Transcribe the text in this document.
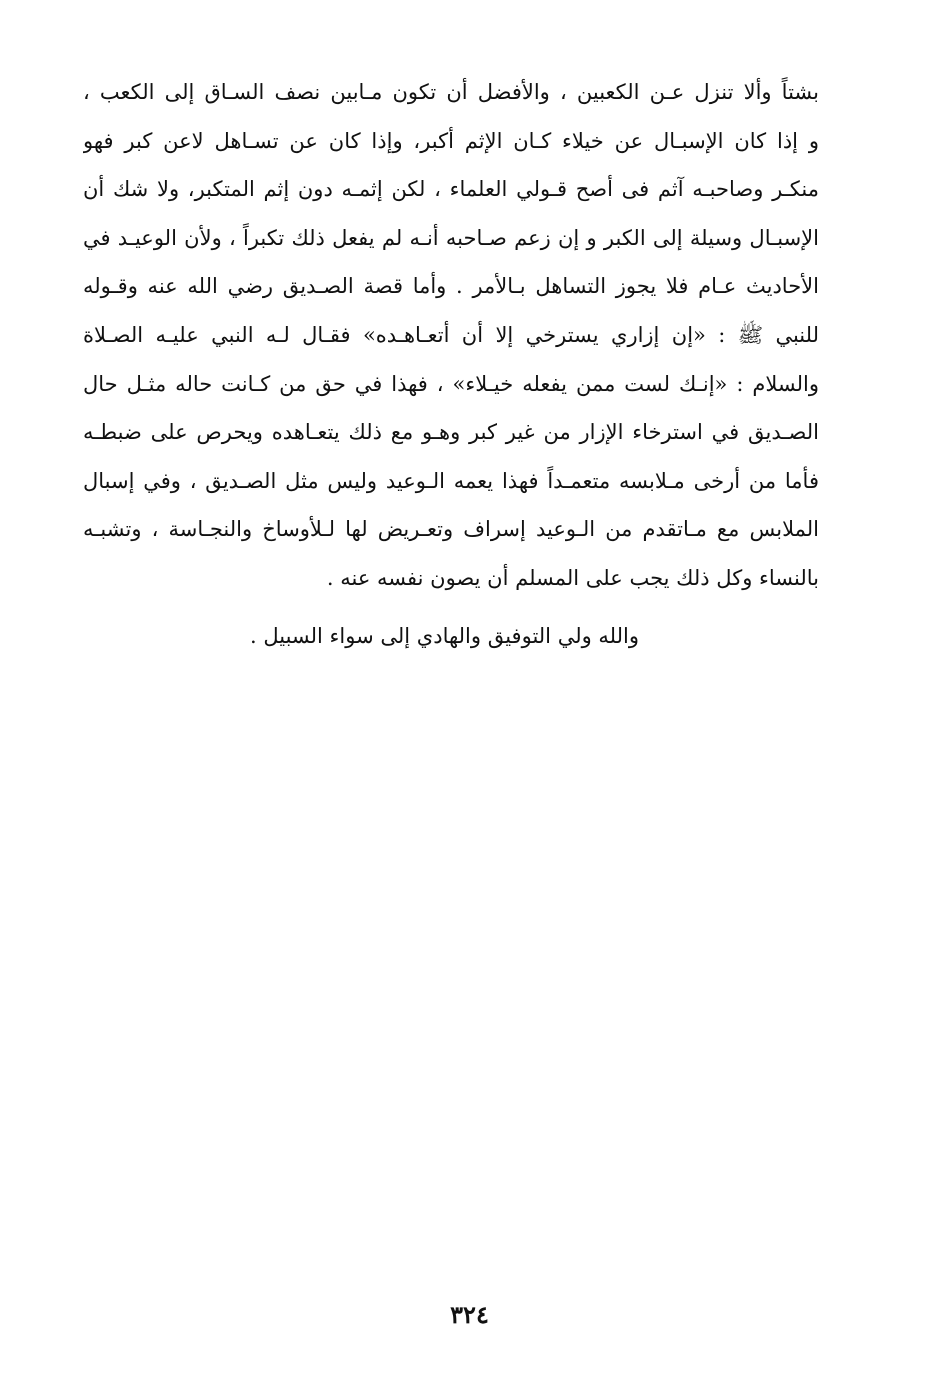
بشتاً وألا تنزل عـن الكعبين ، والأفضل أن تكون مـابين نصف السـاق إلى الكعب ،
و إذا كان الإسبـال عن خيلاء كـان الإثم أكبر، وإذا كان عن تسـاهل لاعن كبر فهو
منكـر وصاحبـه آثم فى أصح قـولي العلماء ، لكن إثمـه دون إثم المتكبر، ولا شك أن
الإسبـال وسيلة إلى الكبر و إن زعم صـاحبه أنـه لم يفعل ذلك تكبراً ، ولأن الوعيـد في
الأحاديث عـام فلا يجوز التساهل بـالأمر . وأما قصة الصـديق رضي الله عنه وقـوله
للنبي ﷺ : «إن إزاري يسترخي إلا أن أتعـاهـده» فقـال لـه النبي عليـه الصـلاة
والسلام : «إنـك لست ممن يفعله خيـلاء» ، فهذا في حق من كـانت حاله مثـل حال
الصـديق في استرخاء الإزار من غير كبر وهـو مع ذلك يتعـاهده ويحرص على ضبطـه
فأما من أرخى مـلابسه متعمـداً فهذا يعمه الـوعيد وليس مثل الصـديق ، وفي إسبال
الملابس مع مـاتقدم من الـوعيد إسراف وتعـريض لها لـلأوساخ والنجـاسة ، وتشبـه
بالنساء وكل ذلك يجب على المسلم أن يصون نفسه عنه .
والله ولي التوفيق والهادي إلى سواء السبيل .
٣٢٤
